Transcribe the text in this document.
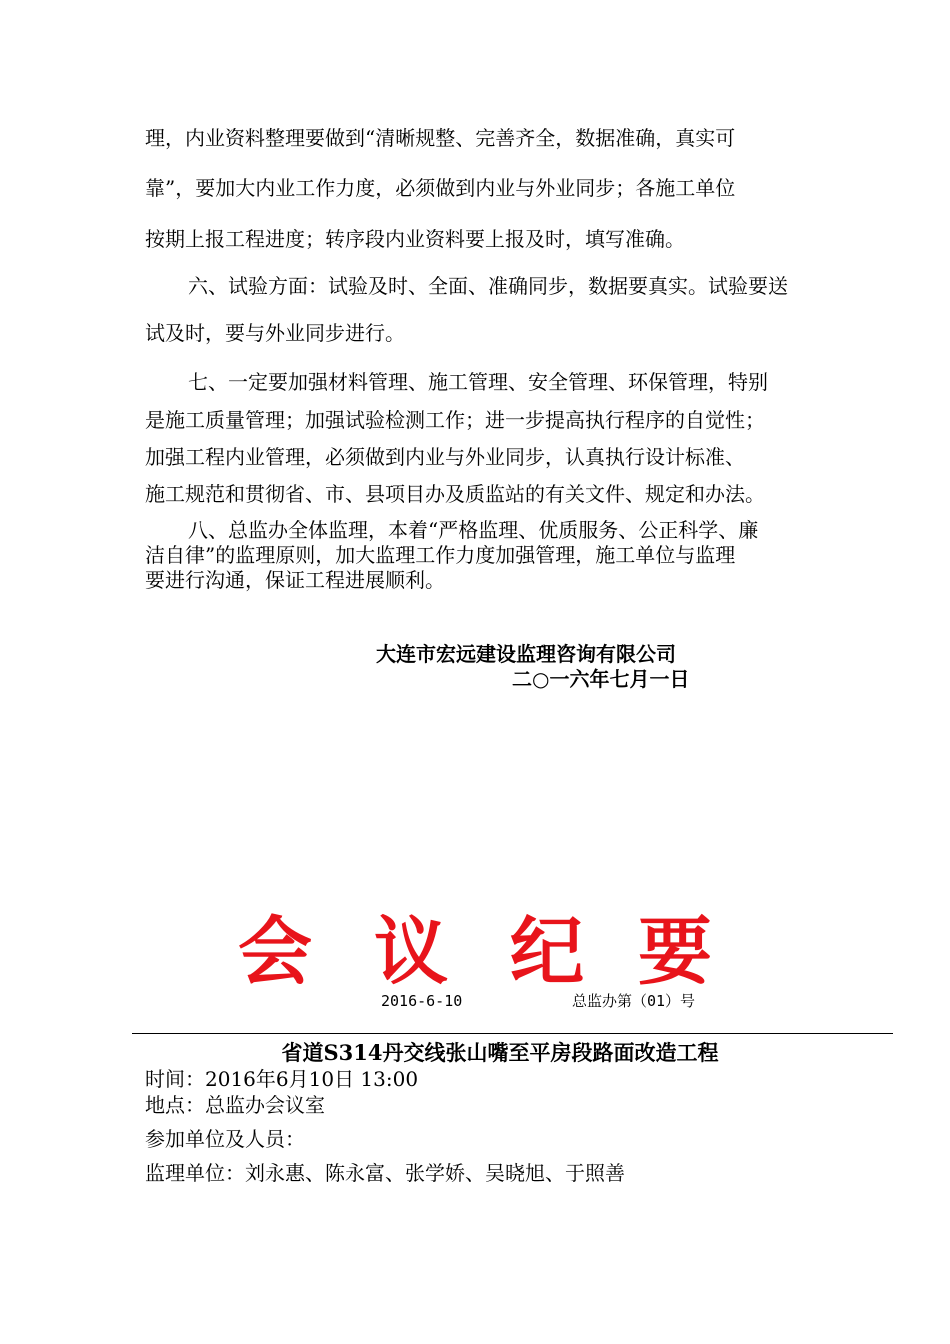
理，内业资料整理要做到“清晰规整、完善齐全，数据准确，真实可
靠”，要加大内业工作力度，必须做到内业与外业同步；各施工单位
按期上报工程进度；转序段内业资料要上报及时，填写准确。
六、试验方面：试验及时、全面、准确同步，数据要真实。试验要送
试及时，要与外业同步进行。
七、一定要加强材料管理、施工管理、安全管理、环保管理，特别
是施工质量管理；加强试验检测工作；进一步提高执行程序的自觉性；
加强工程内业管理，必须做到内业与外业同步，认真执行设计标准、
施工规范和贯彻省、市、县项目办及质监站的有关文件、规定和办法。
八、总监办全体监理，本着“严格监理、优质服务、公正科学、廉
洁自律”的监理原则，加大监理工作力度加强管理，施工单位与监理
要进行沟通，保证工程进展顺利。
大连市宏远建设监理咨询有限公司
二○一六年七月一日
会 议 纪 要
2016-6-10	总监办第（01）号
省道S314丹交线张山嘴至平房段路面改造工程
时间：2016年6月10日 13:00
地点：总监办会议室
参加单位及人员：
监理单位：刘永惠、陈永富、张学娇、吴晓旭、于照善
